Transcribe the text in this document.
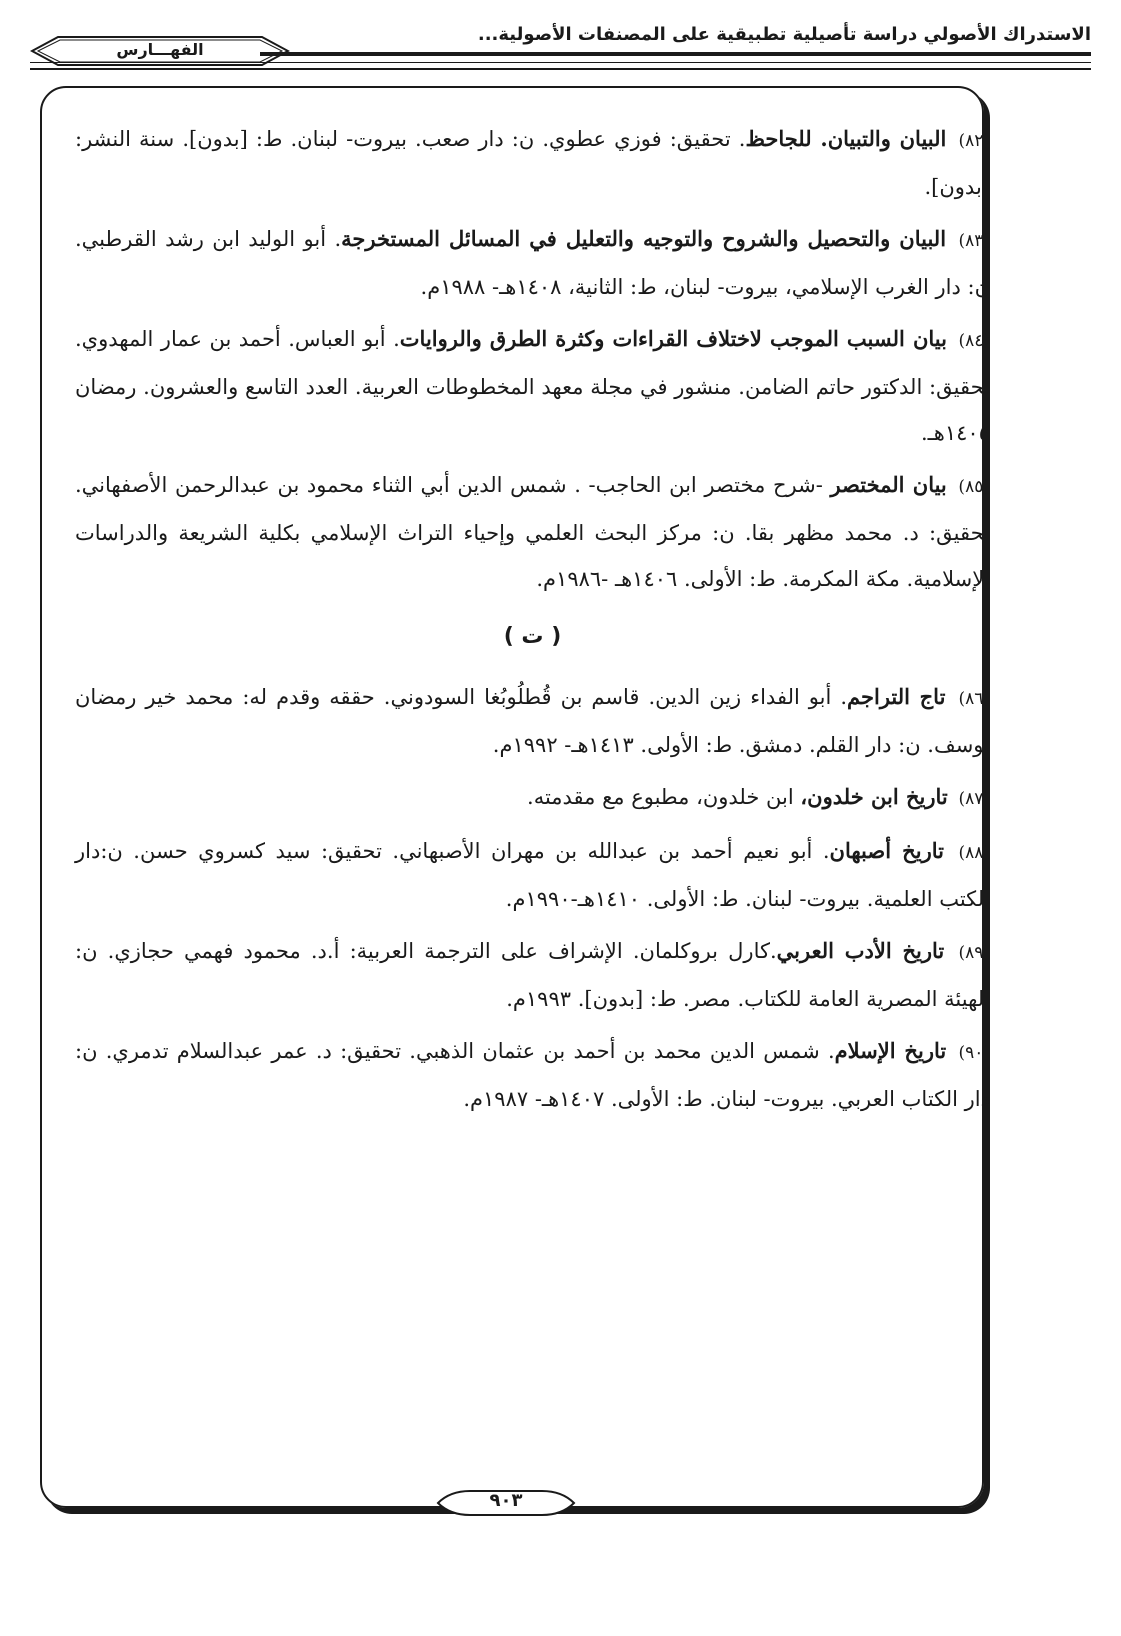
الاستدراك الأصولي دراسة تأصيلية تطبيقية على المصنفات الأصولية...
الفهـــارس
(٨٢) البيان والتبيان. للجاحظ. تحقيق: فوزي عطوي. ن: دار صعب. بيروت- لبنان. ط: [بدون]. سنة النشر: [بدون].
(٨٣) البيان والتحصيل والشروح والتوجيه والتعليل في المسائل المستخرجة. أبو الوليد ابن رشد القرطبي. ن: دار الغرب الإسلامي، بيروت- لبنان، ط: الثانية، ١٤٠٨هـ- ١٩٨٨م.
(٨٤) بيان السبب الموجب لاختلاف القراءات وكثرة الطرق والروايات. أبو العباس. أحمد بن عمار المهدوي. تحقيق: الدكتور حاتم الضامن. منشور في مجلة معهد المخطوطات العربية. العدد التاسع والعشرون. رمضان ١٤٠٥هـ.
(٨٥) بيان المختصر -شرح مختصر ابن الحاجب- . شمس الدين أبي الثناء محمود بن عبدالرحمن الأصفهاني. تحقيق: د. محمد مظهر بقا. ن: مركز البحث العلمي وإحياء التراث الإسلامي بكلية الشريعة والدراسات الإسلامية. مكة المكرمة. ط: الأولى. ١٤٠٦هـ -١٩٨٦م.
( ت )
(٨٦) تاج التراجم. أبو الفداء زين الدين. قاسم بن قُطلُوبُغا السودوني. حققه وقدم له: محمد خير رمضان يوسف. ن: دار القلم. دمشق. ط: الأولى. ١٤١٣هـ- ١٩٩٢م.
(٨٧) تاريخ ابن خلدون، ابن خلدون، مطبوع مع مقدمته.
(٨٨) تاريخ أصبهان. أبو نعيم أحمد بن عبدالله بن مهران الأصبهاني. تحقيق: سيد كسروي حسن. ن:دار الكتب العلمية. بيروت- لبنان. ط: الأولى. ١٤١٠هـ-١٩٩٠م.
(٨٩) تاريخ الأدب العربي.كارل بروكلمان. الإشراف على الترجمة العربية: أ.د. محمود فهمي حجازي. ن: الهيئة المصرية العامة للكتاب. مصر. ط: [بدون]. ١٩٩٣م.
(٩٠) تاريخ الإسلام. شمس الدين محمد بن أحمد بن عثمان الذهبي. تحقيق: د. عمر عبدالسلام تدمري. ن: دار الكتاب العربي. بيروت- لبنان. ط: الأولى. ١٤٠٧هـ- ١٩٨٧م.
٩٠٣
